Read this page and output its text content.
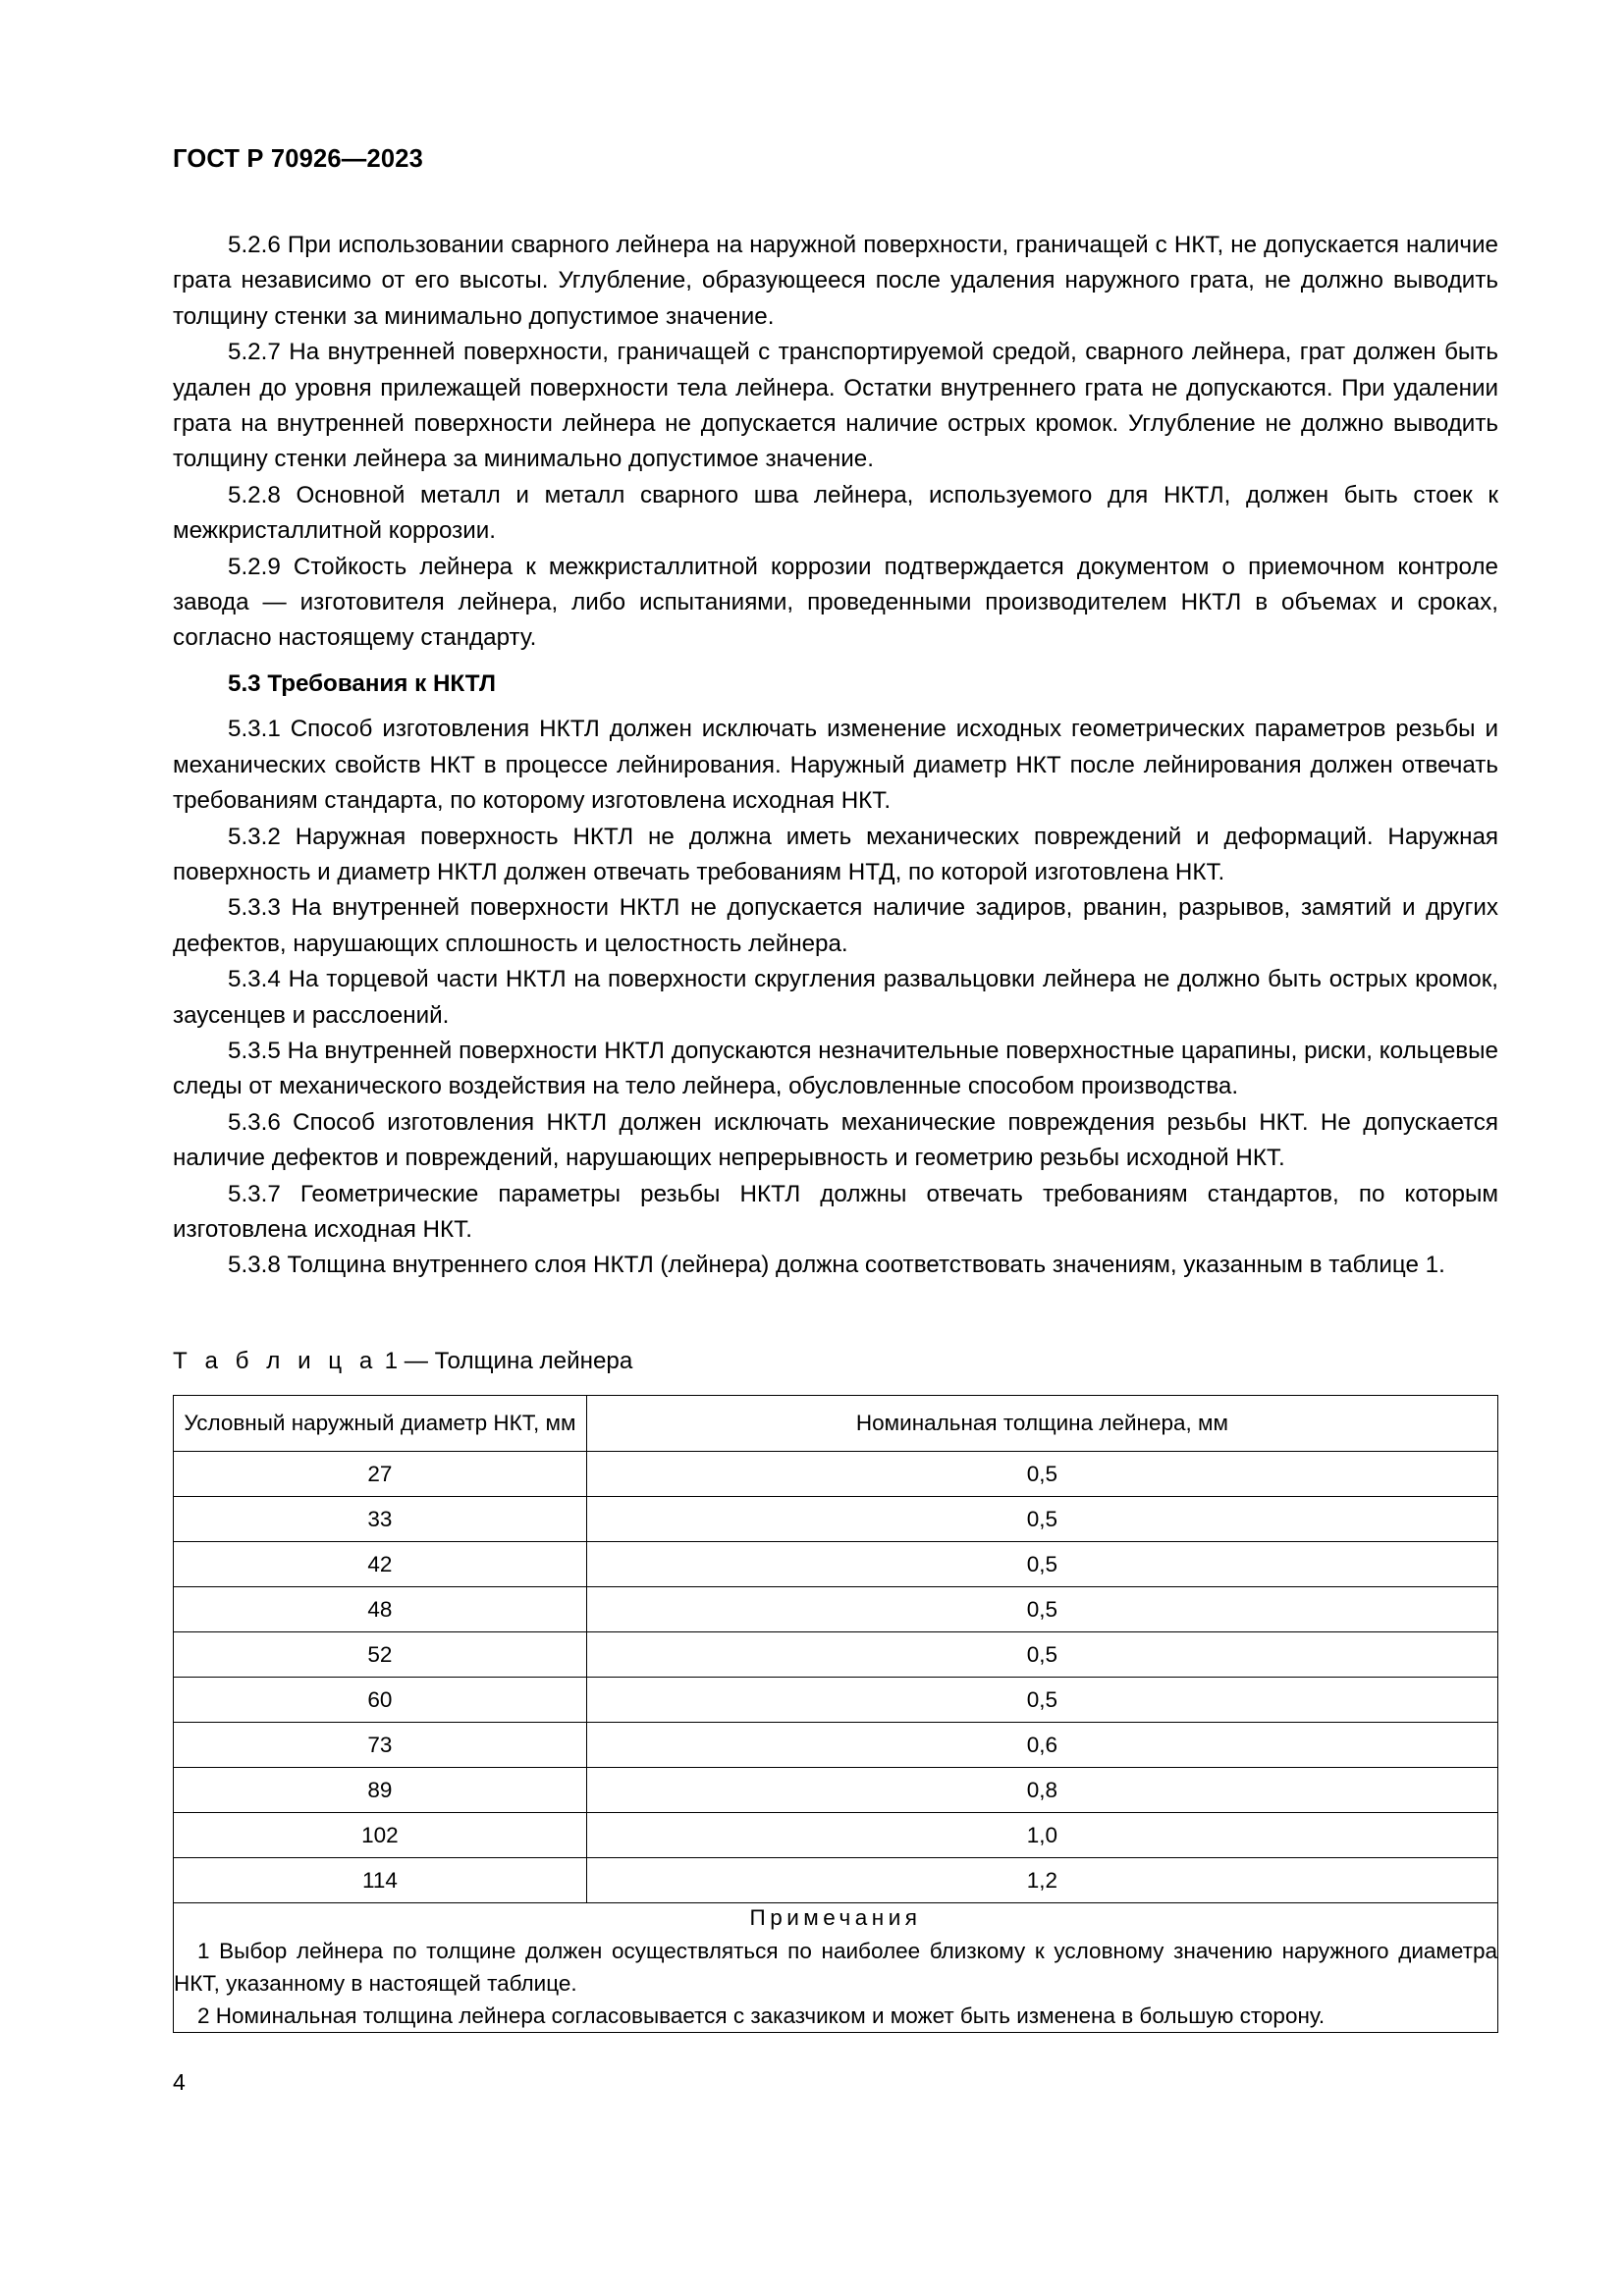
ГОСТ Р 70926—2023

5.2.6 При использовании сварного лейнера на наружной поверхности, граничащей с НКТ, не допускается наличие грата независимо от его высоты. Углубление, образующееся после удаления наружного грата, не должно выводить толщину стенки за минимально допустимое значение.

5.2.7 На внутренней поверхности, граничащей с транспортируемой средой, сварного лейнера, грат должен быть удален до уровня прилежащей поверхности тела лейнера. Остатки внутреннего грата не допускаются. При удалении грата на внутренней поверхности лейнера не допускается наличие острых кромок. Углубление не должно выводить толщину стенки лейнера за минимально допустимое значение.

5.2.8 Основной металл и металл сварного шва лейнера, используемого для НКТЛ, должен быть стоек к межкристаллитной коррозии.

5.2.9 Стойкость лейнера к межкристаллитной коррозии подтверждается документом о приемочном контроле завода — изготовителя лейнера, либо испытаниями, проведенными производителем НКТЛ в объемах и сроках, согласно настоящему стандарту.

5.3 Требования к НКТЛ

5.3.1 Способ изготовления НКТЛ должен исключать изменение исходных геометрических параметров резьбы и механических свойств НКТ в процессе лейнирования. Наружный диаметр НКТ после лейнирования должен отвечать требованиям стандарта, по которому изготовлена исходная НКТ.

5.3.2 Наружная поверхность НКТЛ не должна иметь механических повреждений и деформаций. Наружная поверхность и диаметр НКТЛ должен отвечать требованиям НТД, по которой изготовлена НКТ.

5.3.3 На внутренней поверхности НКТЛ не допускается наличие задиров, рванин, разрывов, замятий и других дефектов, нарушающих сплошность и целостность лейнера.

5.3.4 На торцевой части НКТЛ на поверхности скругления развальцовки лейнера не должно быть острых кромок, заусенцев и расслоений.

5.3.5 На внутренней поверхности НКТЛ допускаются незначительные поверхностные царапины, риски, кольцевые следы от механического воздействия на тело лейнера, обусловленные способом производства.

5.3.6 Способ изготовления НКТЛ должен исключать механические повреждения резьбы НКТ. Не допускается наличие дефектов и повреждений, нарушающих непрерывность и геометрию резьбы исходной НКТ.

5.3.7 Геометрические параметры резьбы НКТЛ должны отвечать требованиям стандартов, по которым изготовлена исходная НКТ.

5.3.8 Толщина внутреннего слоя НКТЛ (лейнера) должна соответствовать значениям, указанным в таблице 1.

Т а б л и ц а 1 — Толщина лейнера
Условный наружный диаметр НКТ, мм	Номинальная толщина лейнера, мм
27	0,5
33	0,5
42	0,5
48	0,5
52	0,5
60	0,5
73	0,6
89	0,8
102	1,0
114	1,2

Примечания
1 Выбор лейнера по толщине должен осуществляться по наиболее близкому к условному значению наружного диаметра НКТ, указанному в настоящей таблице.
2 Номинальная толщина лейнера согласовывается с заказчиком и может быть изменена в большую сторону.	
4
